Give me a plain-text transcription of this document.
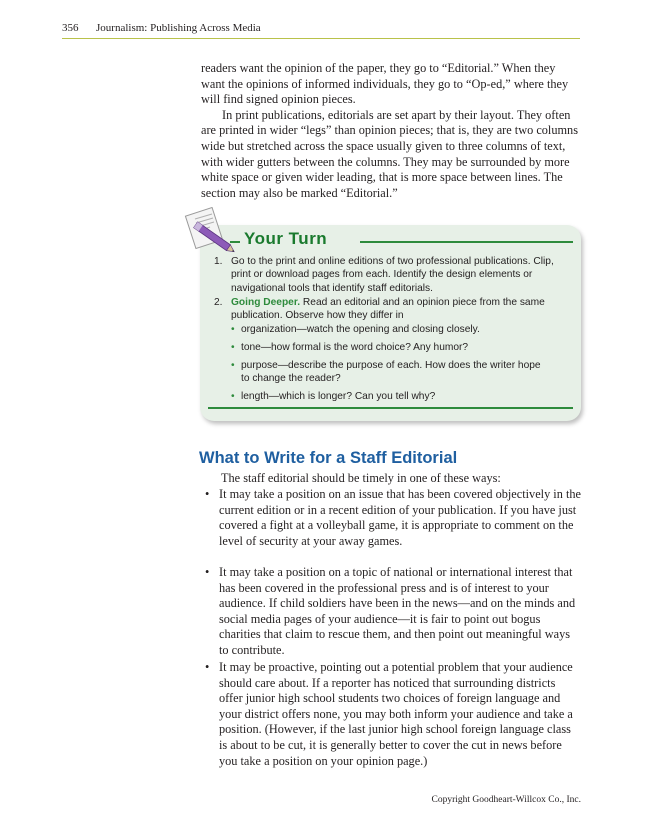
356 Journalism: Publishing Across Media

readers want the opinion of the paper, they go to “Editorial.” When they want the opinions of informed individuals, they go to “Op-ed,” where they will find signed opinion pieces.

In print publications, editorials are set apart by their layout. They often are printed in wider “legs” than opinion pieces; that is, they are two columns wide but stretched across the space usually given to three columns of text, with wider gutters between the columns. They may be surrounded by more white space or given wider leading, that is more space between lines. The section may also be marked “Editorial.”

Your Turn
1. Go to the print and online editions of two professional publications. Clip, print or download pages from each. Identify the design elements or navigational tools that identify staff editorials.
2. Going Deeper. Read an editorial and an opinion piece from the same publication. Observe how they differ in
• organization—watch the opening and closing closely.
• tone—how formal is the word choice? Any humor?
• purpose—describe the purpose of each. How does the writer hope to change the reader?
• length—which is longer? Can you tell why?
What to Write for a Staff Editorial

The staff editorial should be timely in one of these ways:

• It may take a position on an issue that has been covered objectively in the current edition or in a recent edition of your publication. If you have just covered a fight at a volleyball game, it is appropriate to comment on the level of security at your away games.
• It may take a position on a topic of national or international interest that has been covered in the professional press and is of interest to your audience. If child soldiers have been in the news—and on the minds and social media pages of your audience—it is fair to point out bogus charities that claim to rescue them, and then point out meaningful ways to contribute.
• It may be proactive, pointing out a potential problem that your audience should care about. If a reporter has noticed that surrounding districts offer junior high school students two choices of foreign language and your district offers none, you may both inform your audience and take a position. (However, if the last junior high school foreign language class is about to be cut, it is generally better to cover the cut in news before you take a position on your opinion page.)
Copyright Goodheart-Willcox Co., Inc.
